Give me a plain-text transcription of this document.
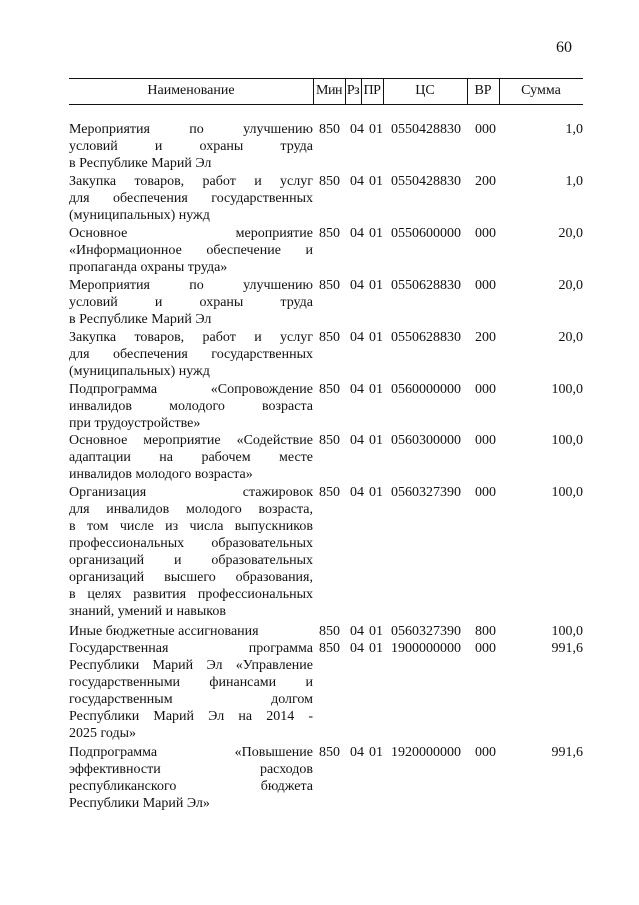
60
Наименование	Мин Рз ПР	ЦС	ВР	Сумма
Мероприятия по улучшению
условий и охраны труда
в Республике Марий Эл
850 04 01 0550428830 000	1,0
Закупка товаров, работ и услуг
для обеспечения государственных
(муниципальных) нужд
850 04 01 0550428830 200	1,0
Основное мероприятие
«Информационное обеспечение и
пропаганда охраны труда»
850 04 01 0550600000 000	20,0
Мероприятия по улучшению
условий и охраны труда
в Республике Марий Эл
850 04 01 0550628830 000	20,0
Закупка товаров, работ и услуг
для обеспечения государственных
(муниципальных) нужд
850 04 01 0550628830 200	20,0
Подпрограмма «Сопровождение
инвалидов молодого возраста
при трудоустройстве»
850 04 01 0560000000 000	100,0
Основное мероприятие «Содействие
адаптации на рабочем месте
инвалидов молодого возраста»
850 04 01 0560300000 000	100,0
Организация стажировок
для инвалидов молодого возраста,
в том числе из числа выпускников
профессиональных образовательных
организаций и образовательных
организаций высшего образования,
в целях развития профессиональных
знаний, умений и навыков
850 04 01 0560327390 000	100,0
Иные бюджетные ассигнования	850 04 01 0560327390 800	100,0
Государственная программа
Республики Марий Эл «Управление
государственными финансами и
государственным долгом
Республики Марий Эл на 2014 -
2025 годы»
850 04 01 1900000000 000	991,6
Подпрограмма «Повышение
эффективности расходов
республиканского бюджета
Республики Марий Эл»
850 04 01 1920000000 000	991,6
